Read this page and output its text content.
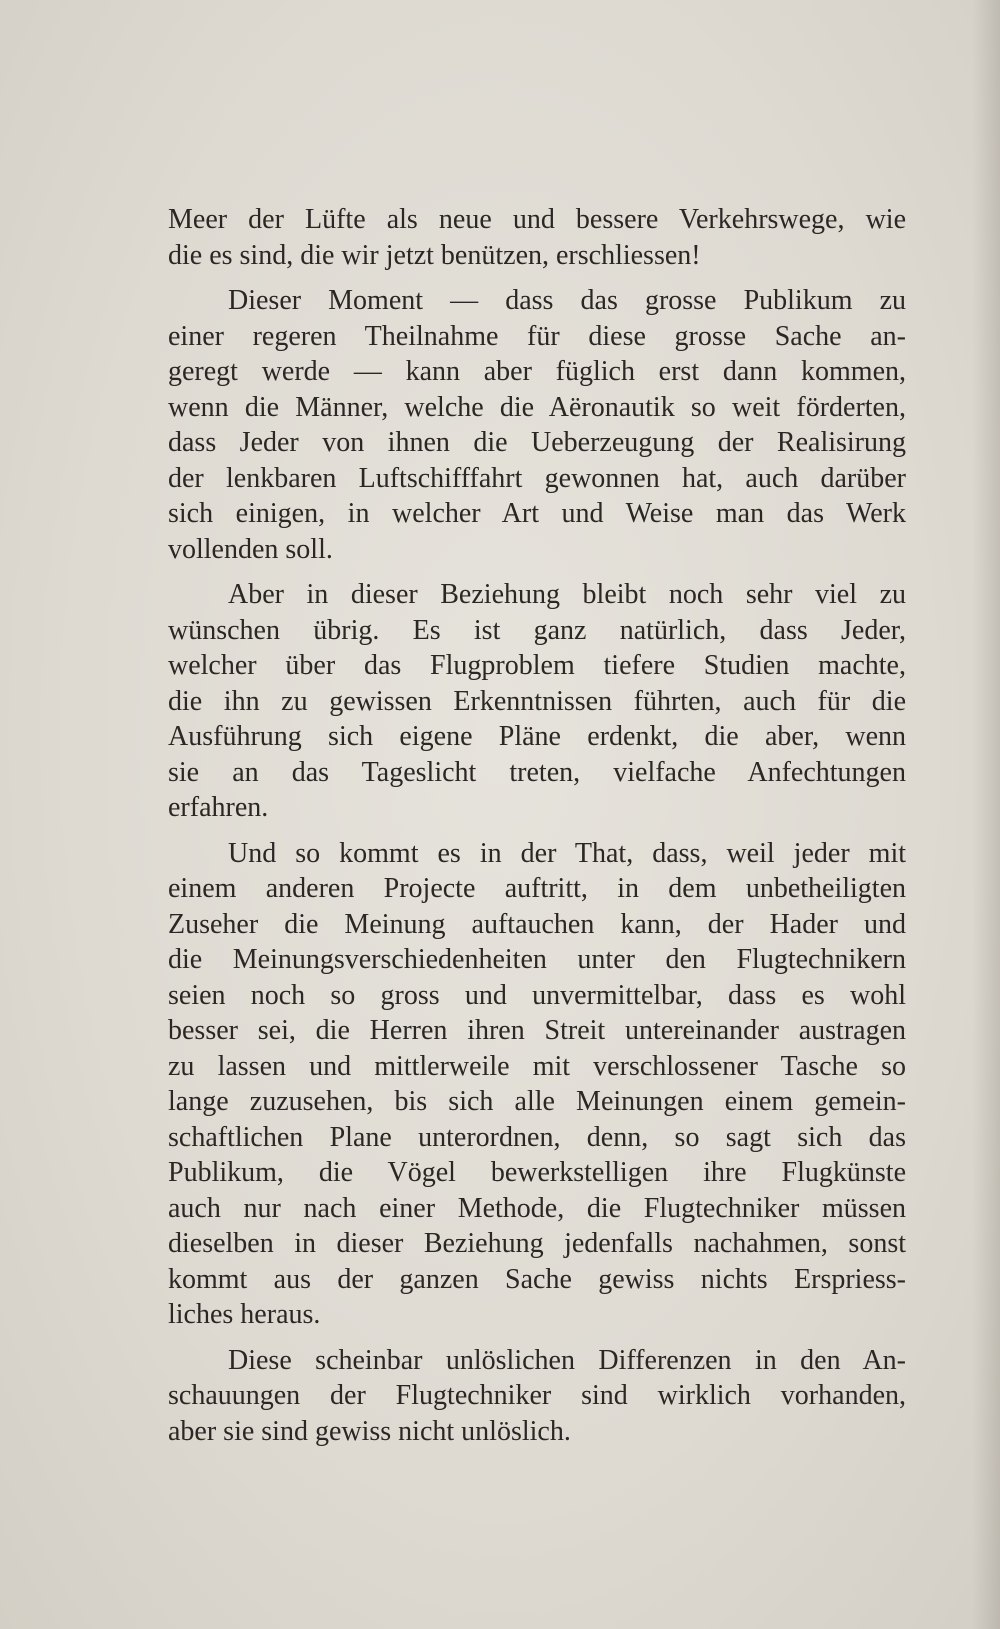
Meer der Lüfte als neue und bessere Verkehrswege, wie
die es sind, die wir jetzt benützen, erschliessen!
Dieser Moment — dass das grosse Publikum zu
einer regeren Theilnahme für diese grosse Sache an-
geregt werde — kann aber füglich erst dann kommen,
wenn die Männer, welche die Aëronautik so weit förderten,
dass Jeder von ihnen die Ueberzeugung der Realisirung
der lenkbaren Luftschifffahrt gewonnen hat, auch darüber
sich einigen, in welcher Art und Weise man das Werk
vollenden soll.
Aber in dieser Beziehung bleibt noch sehr viel zu
wünschen übrig. Es ist ganz natürlich, dass Jeder,
welcher über das Flugproblem tiefere Studien machte,
die ihn zu gewissen Erkenntnissen führten, auch für die
Ausführung sich eigene Pläne erdenkt, die aber, wenn
sie an das Tageslicht treten, vielfache Anfechtungen
erfahren.
Und so kommt es in der That, dass, weil jeder mit
einem anderen Projecte auftritt, in dem unbetheiligten
Zuseher die Meinung auftauchen kann, der Hader und
die Meinungsverschiedenheiten unter den Flugtechnikern
seien noch so gross und unvermittelbar, dass es wohl
besser sei, die Herren ihren Streit untereinander austragen
zu lassen und mittlerweile mit verschlossener Tasche so
lange zuzusehen, bis sich alle Meinungen einem gemein-
schaftlichen Plane unterordnen, denn, so sagt sich das
Publikum, die Vögel bewerkstelligen ihre Flugkünste
auch nur nach einer Methode, die Flugtechniker müssen
dieselben in dieser Beziehung jedenfalls nachahmen, sonst
kommt aus der ganzen Sache gewiss nichts Erspriess-
liches heraus.
Diese scheinbar unlöslichen Differenzen in den An-
schauungen der Flugtechniker sind wirklich vorhanden,
aber sie sind gewiss nicht unlöslich.
